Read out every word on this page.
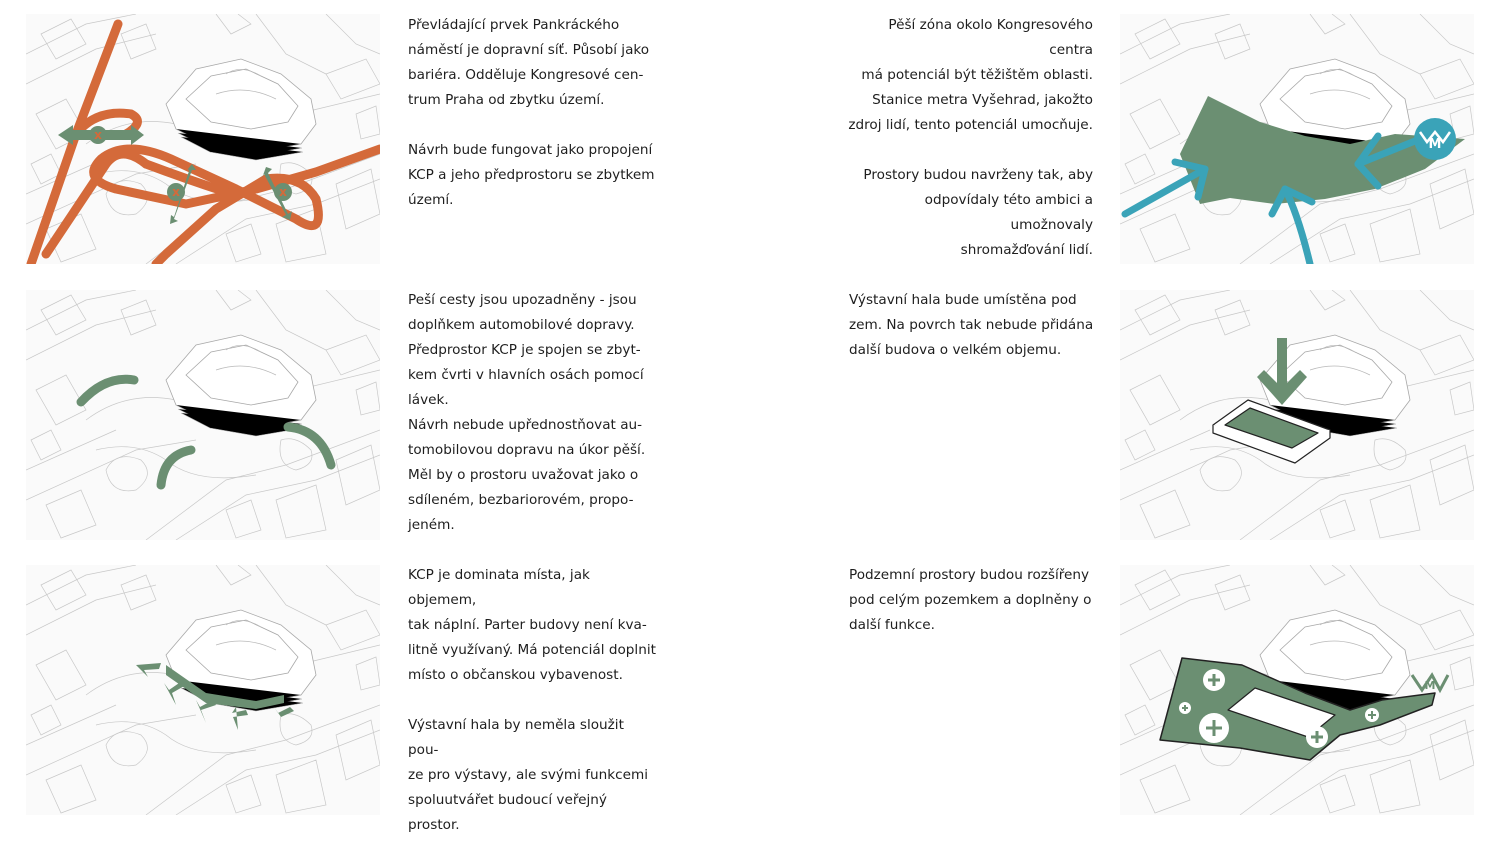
x
x	x

Převládající prvek Pankráckého
náměstí je dopravní síť. Působí jako
bariéra. Odděluje Kongresové cen-
trum Praha od zbytku území.

Návrh bude fungovat jako propojení
KCP a jeho předprostoru se zbytkem
území.

Pěší zóna okolo Kongresového centra
má potenciál být těžištěm oblasti.
Stanice metra Vyšehrad, jakožto
zdroj lidí, tento potenciál umocňuje.

Prostory budou navrženy tak, aby
odpovídaly této ambici a umožnovaly
shromažďování lidí.

M

Peší cesty jsou upozadněny - jsou
doplňkem automobilové dopravy.
Předprostor KCP je spojen se zbyt-
kem čvrti v hlavních osách pomocí
lávek.
Návrh nebude upřednostňovat au-
tomobilovou dopravu na úkor pěší.
Měl by o prostoru uvažovat jako o
sdíleném, bezbariorovém, propo-
jeném.

Výstavní hala bude umístěna pod
zem. Na povrch tak nebude přidána
další budova o velkém objemu.

KCP je dominata místa, jak objemem,
tak náplní. Parter budovy není kva-
litně využívaný. Má potenciál doplnit
místo o občanskou vybavenost.

Výstavní hala by neměla sloužit pou-
ze pro výstavy, ale svými funkcemi
spoluutvářet budoucí veřejný prostor.

Podzemní prostory budou rozšířeny
pod celým pozemkem a doplněny o
další funkce.

M
